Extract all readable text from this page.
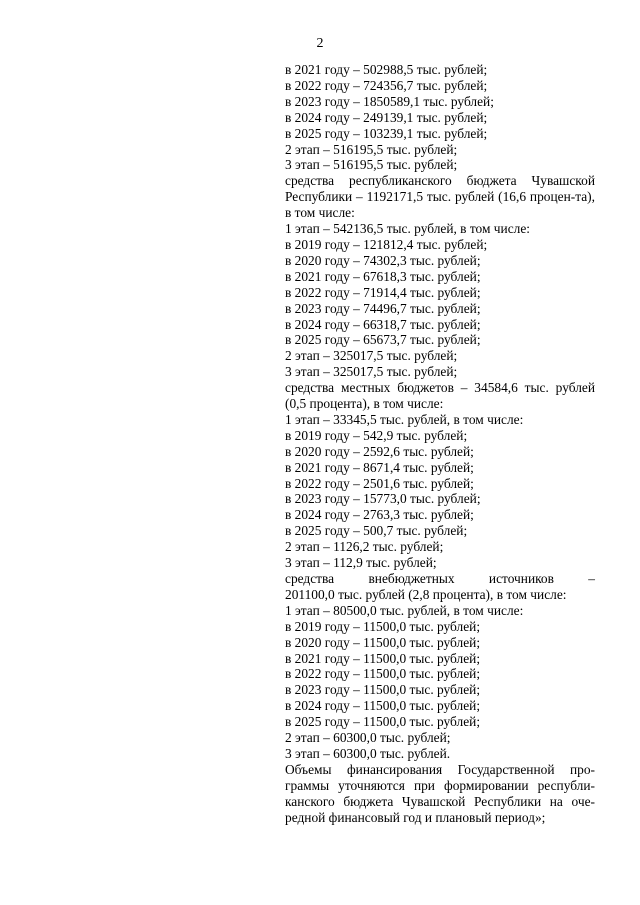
2
в 2021 году – 502988,5 тыс. рублей;
в 2022 году – 724356,7 тыс. рублей;
в 2023 году – 1850589,1 тыс. рублей;
в 2024 году – 249139,1 тыс. рублей;
в 2025 году – 103239,1 тыс. рублей;
2 этап – 516195,5 тыс. рублей;
3 этап – 516195,5 тыс. рублей;
средства республиканского бюджета Чувашской Республики – 1192171,5 тыс. рублей (16,6 процен-та), в том числе:
1 этап – 542136,5 тыс. рублей, в том числе:
в 2019 году – 121812,4 тыс. рублей;
в 2020 году – 74302,3 тыс. рублей;
в 2021 году – 67618,3 тыс. рублей;
в 2022 году – 71914,4 тыс. рублей;
в 2023 году – 74496,7 тыс. рублей;
в 2024 году – 66318,7 тыс. рублей;
в 2025 году – 65673,7 тыс. рублей;
2 этап – 325017,5 тыс. рублей;
3 этап – 325017,5 тыс. рублей;
средства местных бюджетов – 34584,6 тыс. рублей (0,5 процента), в том числе:
1 этап – 33345,5 тыс. рублей, в том числе:
в 2019 году – 542,9 тыс. рублей;
в 2020 году – 2592,6 тыс. рублей;
в 2021 году – 8671,4 тыс. рублей;
в 2022 году – 2501,6 тыс. рублей;
в 2023 году – 15773,0 тыс. рублей;
в 2024 году – 2763,3 тыс. рублей;
в 2025 году – 500,7 тыс. рублей;
2 этап – 1126,2 тыс. рублей;
3 этап – 112,9 тыс. рублей;
средства внебюджетных источников –
201100,0 тыс. рублей (2,8 процента), в том числе:
1 этап – 80500,0 тыс. рублей, в том числе:
в 2019 году – 11500,0 тыс. рублей;
в 2020 году – 11500,0 тыс. рублей;
в 2021 году – 11500,0 тыс. рублей;
в 2022 году – 11500,0 тыс. рублей;
в 2023 году – 11500,0 тыс. рублей;
в 2024 году – 11500,0 тыс. рублей;
в 2025 году – 11500,0 тыс. рублей;
2 этап – 60300,0 тыс. рублей;
3 этап – 60300,0 тыс. рублей.
Объемы финансирования Государственной про-граммы уточняются при формировании республи-канского бюджета Чувашской Республики на оче-редной финансовый год и плановый период»;
